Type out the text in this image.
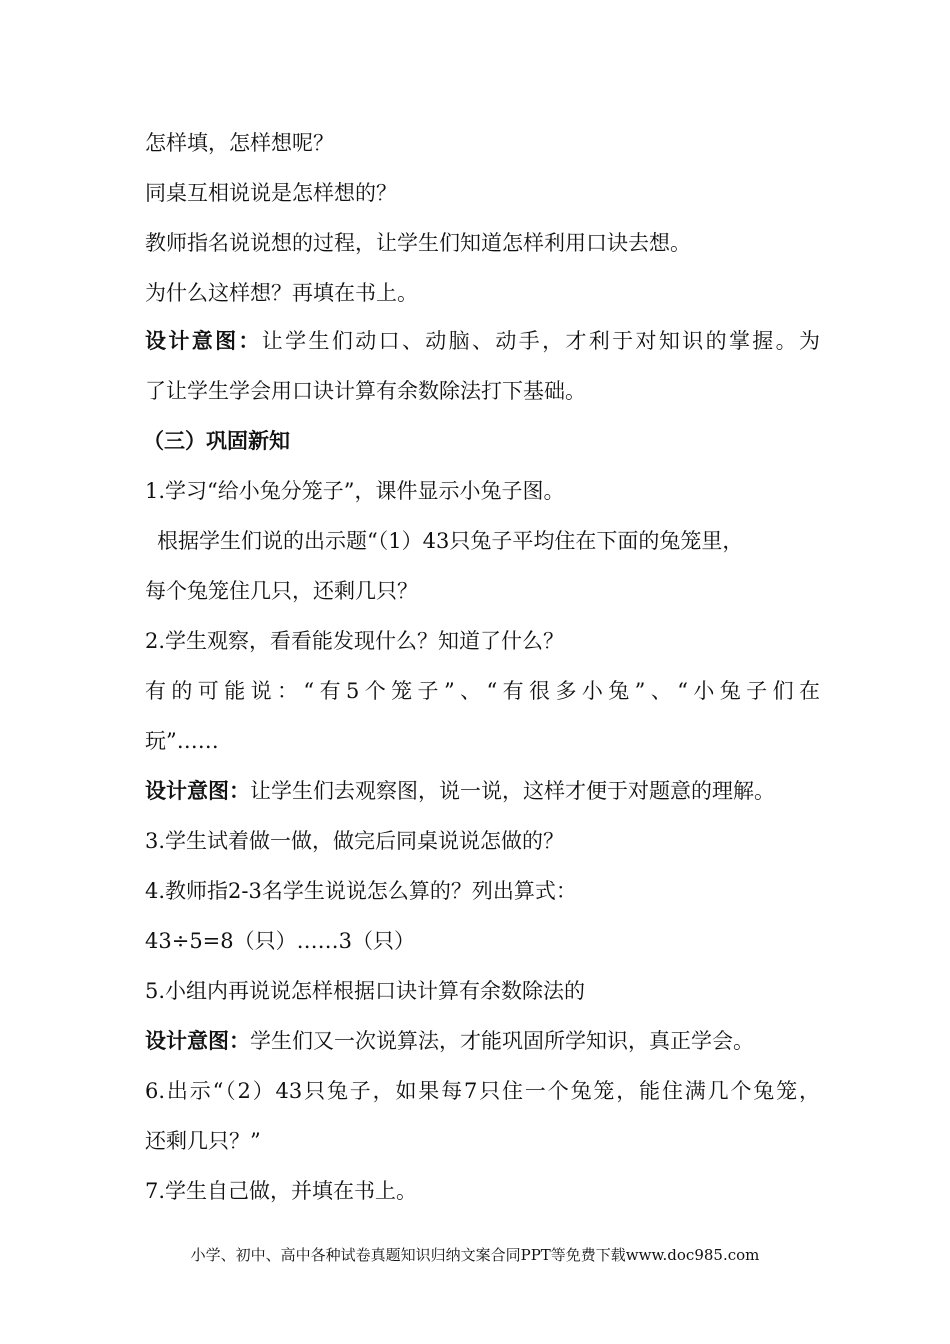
怎样填，怎样想呢？
同桌互相说说是怎样想的？
教师指名说说想的过程，让学生们知道怎样利用口诀去想。
为什么这样想？再填在书上。
设计意图：让学生们动口、动脑、动手，才利于对知识的掌握。为
了让学生学会用口诀计算有余数除法打下基础。
（三）巩固新知
1.学习“给小兔分笼子”，课件显示小兔子图。
根据学生们说的出示题“（1）43只兔子平均住在下面的兔笼里，
每个兔笼住几只，还剩几只？
2.学生观察，看看能发现什么？知道了什么？
有的可能说：“有5个笼子”、“有很多小兔”、“小兔子们在
玩”……
设计意图：让学生们去观察图，说一说，这样才便于对题意的理解。
3.学生试着做一做，做完后同桌说说怎做的？
4.教师指2-3名学生说说怎么算的？列出算式：
43÷5=8（只）……3（只）
5.小组内再说说怎样根据口诀计算有余数除法的
设计意图：学生们又一次说算法，才能巩固所学知识，真正学会。
6.出示“（2）43只兔子，如果每7只住一个兔笼，能住满几个兔笼，
还剩几只？”
7.学生自己做，并填在书上。
小学、初中、高中各种试卷真题知识归纳文案合同PPT等免费下载www.doc985.com
